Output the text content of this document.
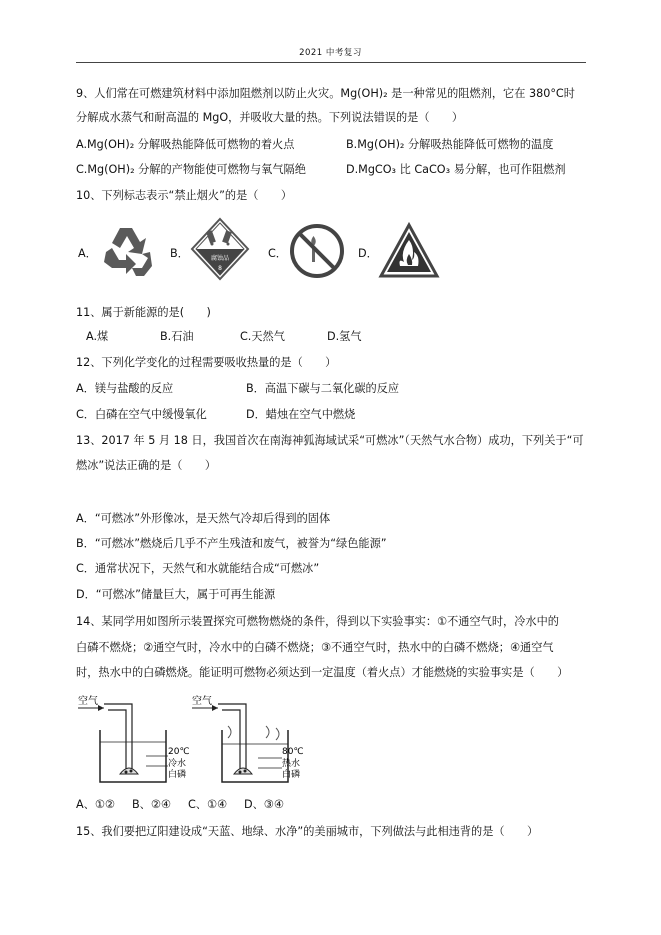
2021 中考复习
9、人们常在可燃建筑材料中添加阻燃剂以防止火灾。Mg(OH)₂ 是一种常见的阻燃剂，它在 380°C时
分解成水蒸气和耐高温的 MgO，并吸收大量的热。下列说法错误的是（　　）
A.Mg(OH)₂ 分解吸热能降低可燃物的着火点	B.Mg(OH)₂ 分解吸热能降低可燃物的温度
C.Mg(OH)₂ 分解的产物能使可燃物与氧气隔绝	D.MgCO₃ 比 CaCO₃ 易分解，也可作阻燃剂
10、下列标志表示“禁止烟火”的是（　　）
A．	B．	腐蚀品
8
C．	D．
11、属于新能源的是(　　)
A.煤	B.石油	C.天然气	D.氢气
12、下列化学变化的过程需要吸收热量的是（　　）
A．镁与盐酸的反应	B．高温下碳与二氧化碳的反应
C．白磷在空气中缓慢氧化	D．蜡烛在空气中燃烧
13、2017 年 5 月 18 日，我国首次在南海神狐海域试采“可燃冰”（天然气水合物）成功，下列关于“可
燃冰”说法正确的是（　　）
A．“可燃冰”外形像冰，是天然气冷却后得到的固体
B．“可燃冰”燃烧后几乎不产生残渣和废气，被誉为“绿色能源”
C．通常状况下，天然气和水就能结合成“可燃冰”
D．“可燃冰”储量巨大，属于可再生能源
14、某同学用如图所示装置探究可燃物燃烧的条件，得到以下实验事实：①不通空气时，冷水中的
白磷不燃烧；②通空气时，冷水中的白磷不燃烧；③不通空气时，热水中的白磷不燃烧；④通空气
时，热水中的白磷燃烧。能证明可燃物必须达到一定温度（着火点）才能燃烧的实验事实是（　　）
空气
20℃
冷水
白磷
空气
80℃
热水
白磷
A、①② B、②④ C、①④ D、③④
15、我们要把辽阳建设成“天蓝、地绿、水净”的美丽城市，下列做法与此相违背的是（　　）
